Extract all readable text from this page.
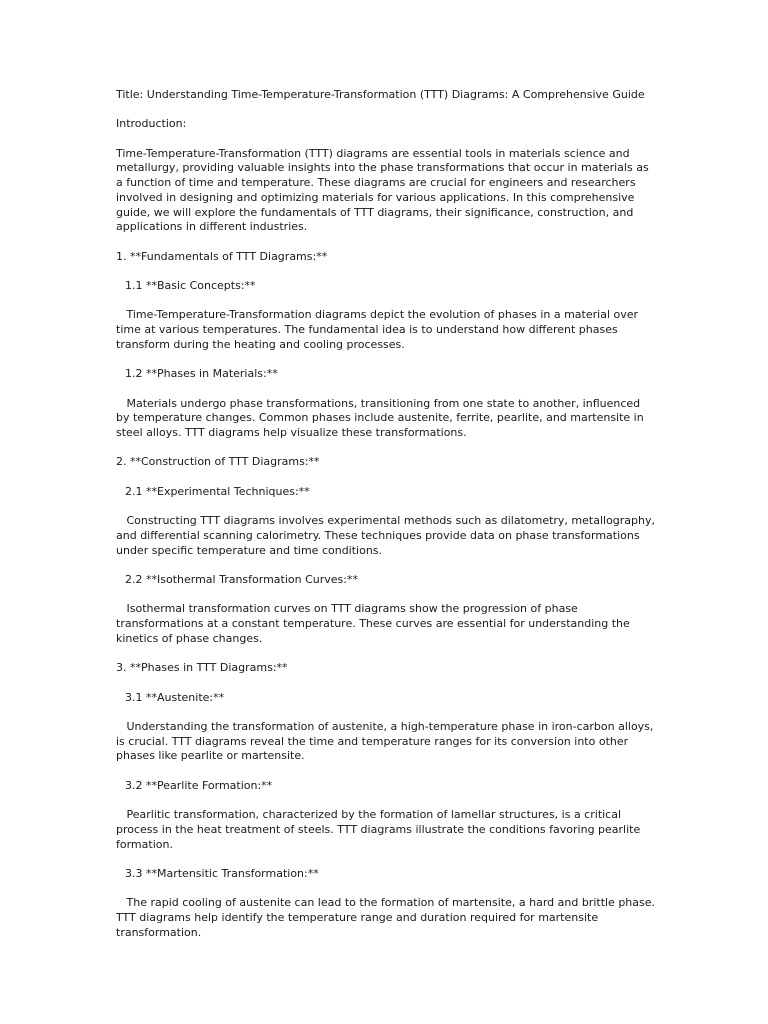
Title: Understanding Time-Temperature-Transformation (TTT) Diagrams: A Comprehensive Guide

Introduction:

Time-Temperature-Transformation (TTT) diagrams are essential tools in materials science and metallurgy, providing valuable insights into the phase transformations that occur in materials as a function of time and temperature. These diagrams are crucial for engineers and researchers involved in designing and optimizing materials for various applications. In this comprehensive guide, we will explore the fundamentals of TTT diagrams, their significance, construction, and applications in different industries.

1. **Fundamentals of TTT Diagrams:**

1.1 **Basic Concepts:**

Time-Temperature-Transformation diagrams depict the evolution of phases in a material over time at various temperatures. The fundamental idea is to understand how different phases transform during the heating and cooling processes.

1.2 **Phases in Materials:**

Materials undergo phase transformations, transitioning from one state to another, influenced by temperature changes. Common phases include austenite, ferrite, pearlite, and martensite in steel alloys. TTT diagrams help visualize these transformations.

2. **Construction of TTT Diagrams:**

2.1 **Experimental Techniques:**

Constructing TTT diagrams involves experimental methods such as dilatometry, metallography, and differential scanning calorimetry. These techniques provide data on phase transformations under specific temperature and time conditions.

2.2 **Isothermal Transformation Curves:**

Isothermal transformation curves on TTT diagrams show the progression of phase transformations at a constant temperature. These curves are essential for understanding the kinetics of phase changes.

3. **Phases in TTT Diagrams:**

3.1 **Austenite:**

Understanding the transformation of austenite, a high-temperature phase in iron-carbon alloys, is crucial. TTT diagrams reveal the time and temperature ranges for its conversion into other phases like pearlite or martensite.

3.2 **Pearlite Formation:**

Pearlitic transformation, characterized by the formation of lamellar structures, is a critical process in the heat treatment of steels. TTT diagrams illustrate the conditions favoring pearlite formation.

3.3 **Martensitic Transformation:**

The rapid cooling of austenite can lead to the formation of martensite, a hard and brittle phase. TTT diagrams help identify the temperature range and duration required for martensite transformation.
